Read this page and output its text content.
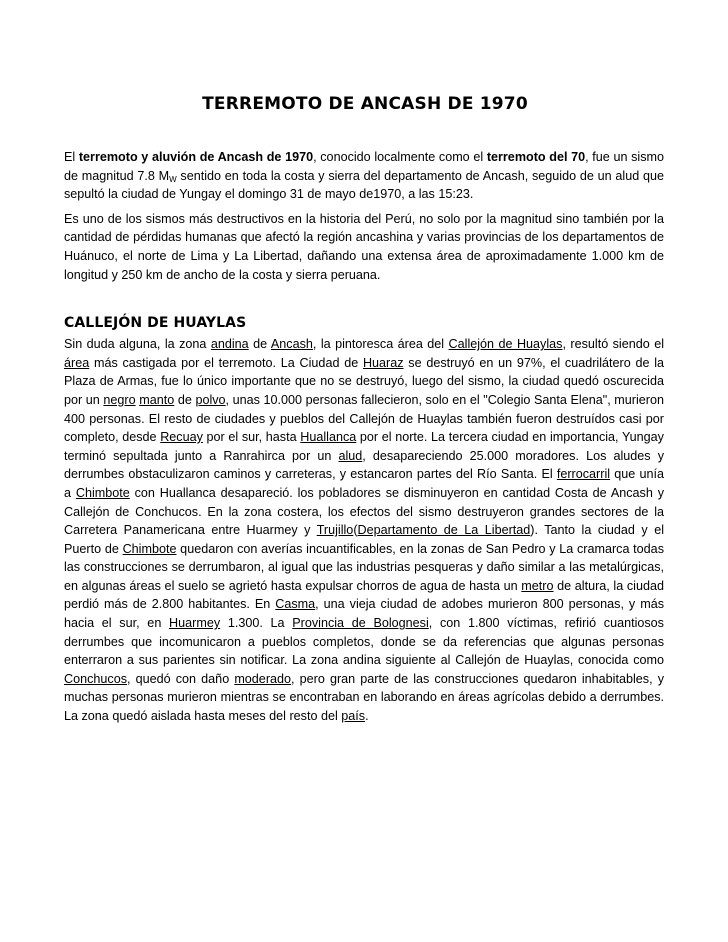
TERREMOTO DE ANCASH DE 1970

El terremoto y aluvión de Ancash de 1970, conocido localmente como el terremoto del 70, fue un sismo de magnitud 7.8 $M_W$ sentido en toda la costa y sierra del departamento de Ancash, seguido de un alud que sepultó la ciudad de Yungay el domingo 31 de mayo de1970, a las 15:23.

Es uno de los sismos más destructivos en la historia del Perú, no solo por la magnitud sino también por la cantidad de pérdidas humanas que afectó la región ancashina y varias provincias de los departamentos de Huánuco, el norte de Lima y La Libertad, dañando una extensa área de aproximadamente 1.000 km de longitud y 250 km de ancho de la costa y sierra peruana.

CALLEJÓN DE HUAYLAS

Sin duda alguna, la zona andina de Ancash, la pintoresca área del Callejón de Huaylas, resultó siendo el área más castigada por el terremoto. La Ciudad de Huaraz se destruyó en un 97%, el cuadrilátero de la Plaza de Armas, fue lo único importante que no se destruyó, luego del sismo, la ciudad quedó oscurecida por un negro manto de polvo, unas 10.000 personas fallecieron, solo en el "Colegio Santa Elena", murieron 400 personas. El resto de ciudades y pueblos del Callejón de Huaylas también fueron destruídos casi por completo, desde Recuay por el sur, hasta Huallanca por el norte. La tercera ciudad en importancia, Yungay terminó sepultada junto a Ranrahirca por un alud, desapareciendo 25.000 moradores. Los aludes y derrumbes obstaculizaron caminos y carreteras, y estancaron partes del Río Santa. El ferrocarril que unía a Chimbote con Huallanca desapareció. los pobladores se disminuyeron en cantidad Costa de Ancash y Callejón de Conchucos. En la zona costera, los efectos del sismo destruyeron grandes sectores de la Carretera Panamericana entre Huarmey y Trujillo(Departamento de La Libertad). Tanto la ciudad y el Puerto de Chimbote quedaron con averías incuantificables, en la zonas de San Pedro y La cramarca todas las construcciones se derrumbaron, al igual que las industrias pesqueras y daño similar a las metalúrgicas, en algunas áreas el suelo se agrietó hasta expulsar chorros de agua de hasta un metro de altura, la ciudad perdió más de 2.800 habitantes. En Casma, una vieja ciudad de adobes murieron 800 personas, y más hacia el sur, en Huarmey 1.300. La Provincia de Bolognesi, con 1.800 víctimas, refirió cuantiosos derrumbes que incomunicaron a pueblos completos, donde se da referencias que algunas personas enterraron a sus parientes sin notificar. La zona andina siguiente al Callejón de Huaylas, conocida como Conchucos, quedó con daño moderado, pero gran parte de las construcciones quedaron inhabitables, y muchas personas murieron mientras se encontraban en laborando en áreas agrícolas debido a derrumbes. La zona quedó aislada hasta meses del resto del país.
